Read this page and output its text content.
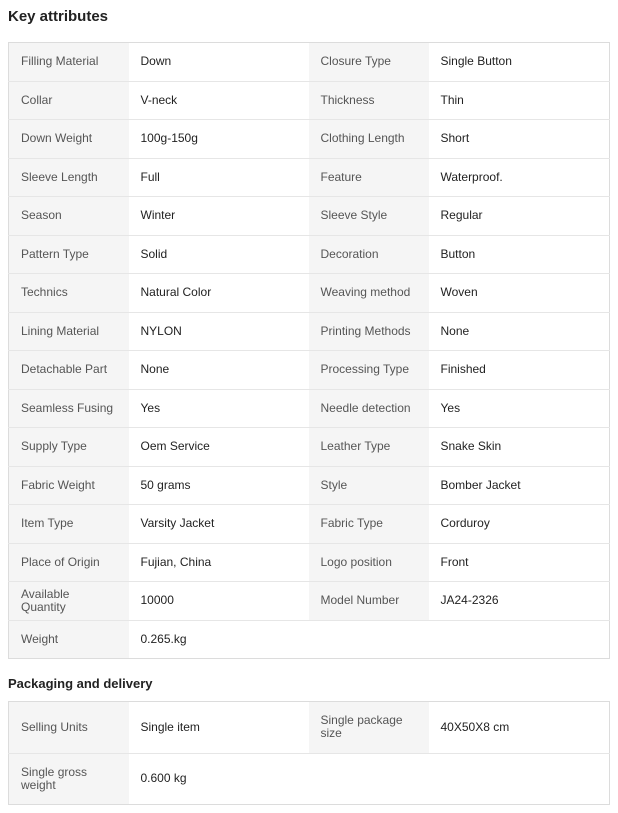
Key attributes
Filling Material	Down	Closure Type	Single Button
Collar	V-neck	Thickness	Thin
Down Weight	100g-150g	Clothing Length	Short
Sleeve Length	Full	Feature	Waterproof.
Season	Winter	Sleeve Style	Regular
Pattern Type	Solid	Decoration	Button
Technics	Natural Color	Weaving method	Woven
Lining Material	NYLON	Printing Methods	None
Detachable Part	None	Processing Type	Finished
Seamless Fusing	Yes	Needle detection	Yes
Supply Type	Oem Service	Leather Type	Snake Skin
Fabric Weight	50 grams	Style	Bomber Jacket
Item Type	Varsity Jacket	Fabric Type	Corduroy
Place of Origin	Fujian, China	Logo position	Front
Available Quantity	10000	Model Number	JA24-2326
Weight	0.265.kg		
Packaging and delivery
Selling Units	Single item	Single package size	40X50X8 cm
Single gross weight	0.600 kg		
